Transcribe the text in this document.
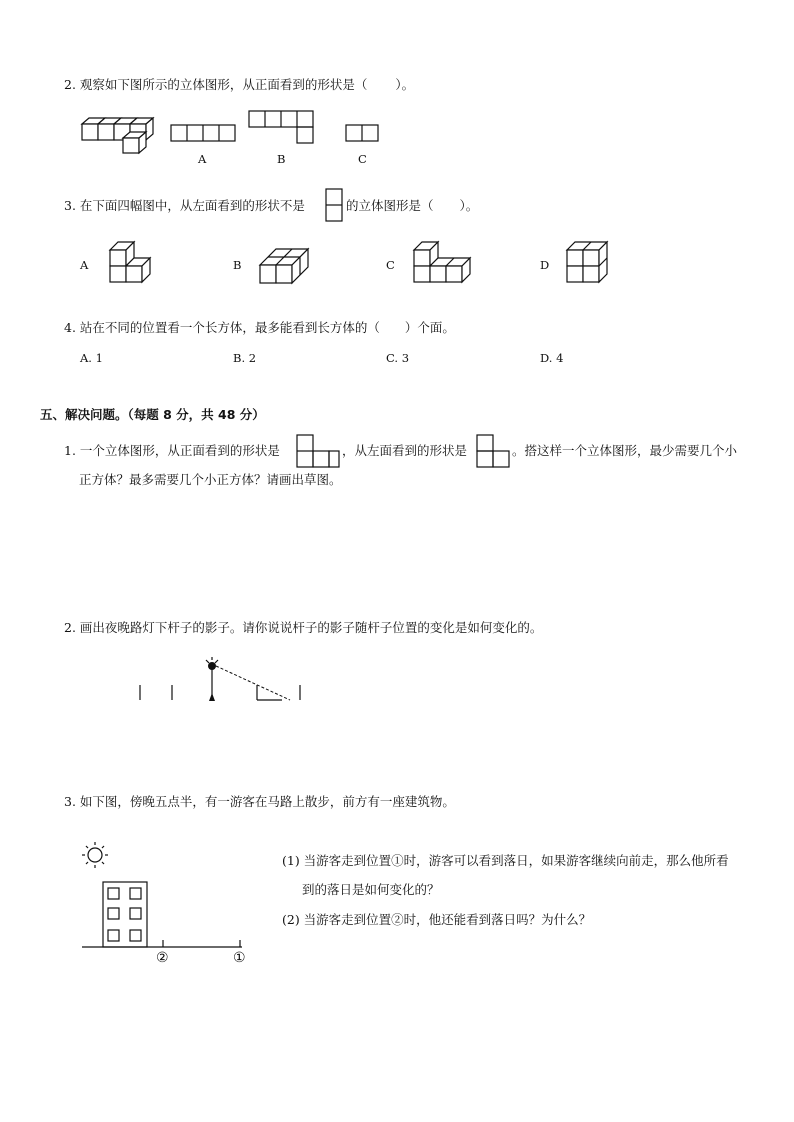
2. 观察如下图所示的立体图形，从正面看到的形状是（ ）。
A	B	C
3. 在下面四幅图中，从左面看到的形状不是	的立体图形是（ ）。
A	B	C	D
4. 站在不同的位置看一个长方体，最多能看到长方体的（　　）个面。
A. 1	B. 2	C. 3	D. 4
五、解决问题。（每题 8 分，共 48 分）
1. 一个立体图形，从正面看到的形状是	，从左面看到的形状是	。搭这样一个立体图形，最少需要几个小
正方体？最多需要几个小正方体？请画出草图。
2. 画出夜晚路灯下杆子的影子。请你说说杆子的影子随杆子位置的变化是如何变化的。
3. 如下图，傍晚五点半，有一游客在马路上散步，前方有一座建筑物。
②	①
(1) 当游客走到位置①时，游客可以看到落日，如果游客继续向前走，那么他所看
到的落日是如何变化的？
(2) 当游客走到位置②时，他还能看到落日吗？为什么？
